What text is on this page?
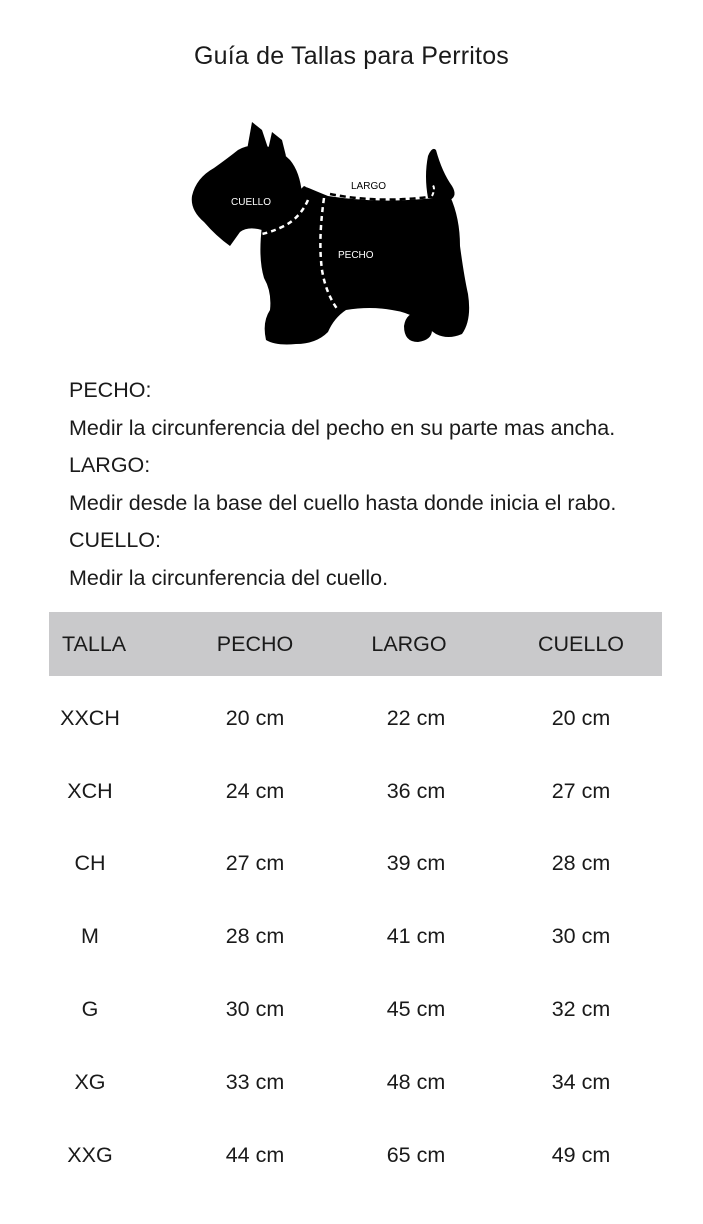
Guía de Tallas para Perritos
CUELLO
LARGO
PECHO

PECHO:

Medir la circunferencia del pecho en su parte mas ancha.

LARGO:

Medir desde la base del cuello hasta donde inicia el rabo.

CUELLO:

Medir la circunferencia del cuello.

TALLA	PECHO	LARGO	CUELLO
XXCH	20 cm	22 cm	20 cm
XCH	24 cm	36 cm	27 cm
CH	27 cm	39 cm	28 cm
M	28 cm	41 cm	30 cm
G	30 cm	45 cm	32 cm
XG	33 cm	48 cm	34 cm
XXG	44 cm	65 cm	49 cm
